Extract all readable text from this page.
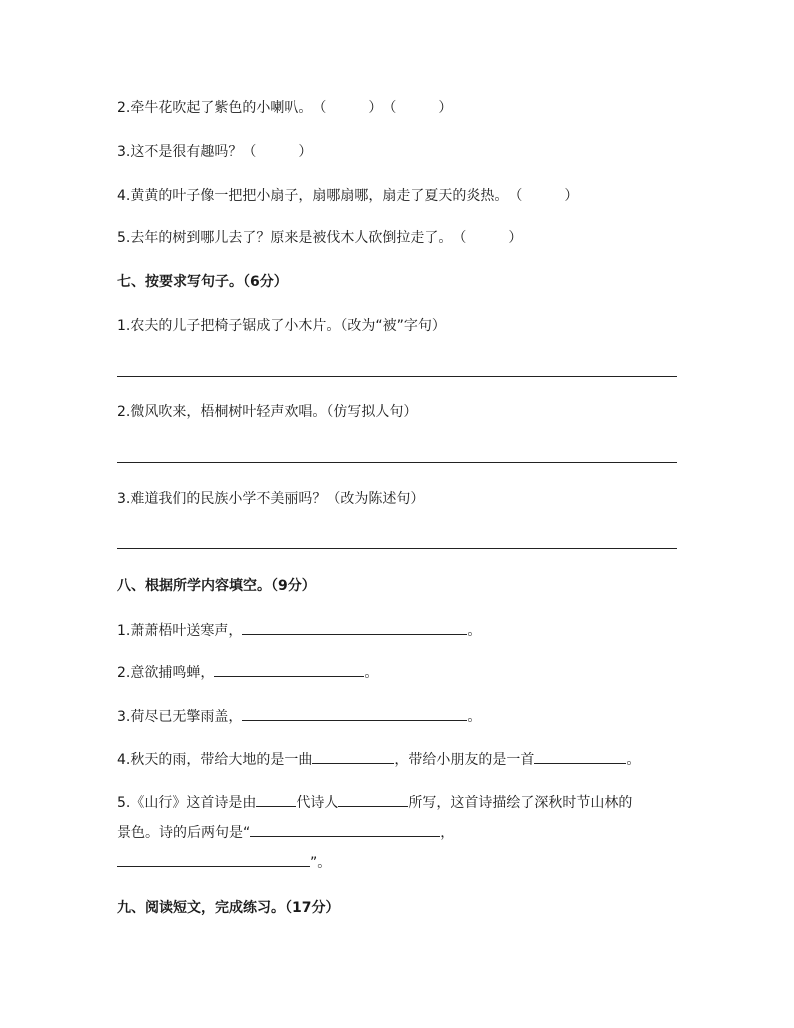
2.牵牛花吹起了紫色的小喇叭。（　　　）（　　　）
3.这不是很有趣吗？（　　　）
4.黄黄的叶子像一把把小扇子，扇哪扇哪，扇走了夏天的炎热。（　　　）
5.去年的树到哪儿去了？原来是被伐木人砍倒拉走了。（　　　）
七、按要求写句子。（6分）
1.农夫的儿子把椅子锯成了小木片。（改为“被”字句）
2.微风吹来，梧桐树叶轻声欢唱。（仿写拟人句）
3.难道我们的民族小学不美丽吗？（改为陈述句）
八、根据所学内容填空。（9分）
1.萧萧梧叶送寒声，	。
2.意欲捕鸣蝉，	。
3.荷尽已无擎雨盖，	。
4.秋天的雨，带给大地的是一曲	，带给小朋友的是一首	。
5.《山行》这首诗是由	代诗人	所写，这首诗描绘了深秋时节山林的
景色。诗的后两句是“	，
”。
九、阅读短文，完成练习。（17分）
